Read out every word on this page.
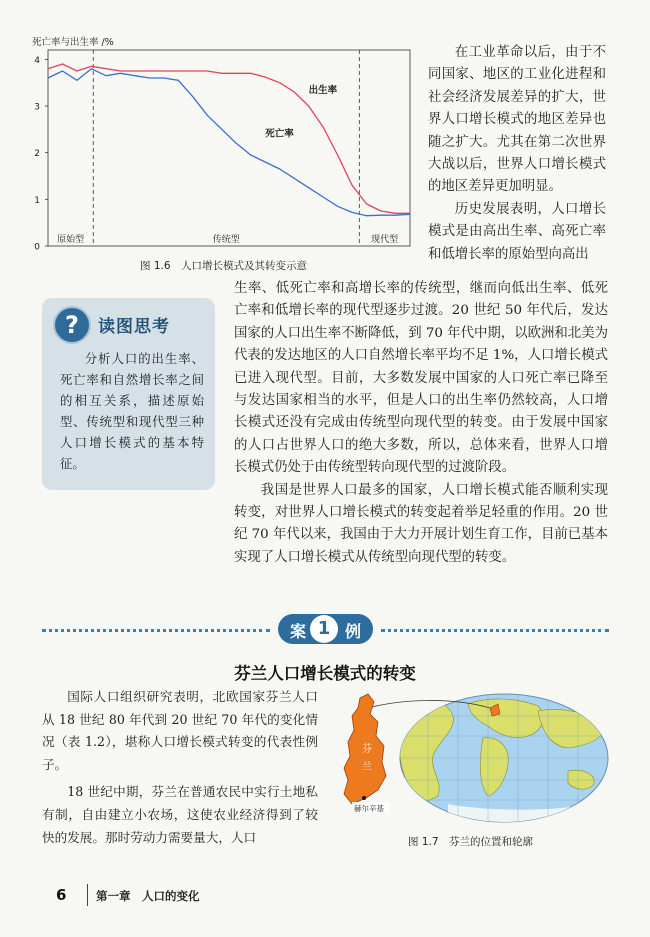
死亡率与出生率 /%
0
1
2
3
4
原始型	传统型	现代型
出生率
死亡率
图 1.6　人口增长模式及其转变示意

在工业革命以后，由于不同国家、地区的工业化进程和社会经济发展差异的扩大，世界人口增长模式的地区差异也随之扩大。尤其在第二次世界大战以后，世界人口增长模式的地区差异更加明显。

历史发展表明，人口增长模式是由高出生率、高死亡率和低增长率的原始型向高出

?	读图思考

分析人口的出生率、死亡率和自然增长率之间的相互关系，描述原始型、传统型和现代型三种人口增长模式的基本特征。

生率、低死亡率和高增长率的传统型，继而向低出生率、低死亡率和低增长率的现代型逐步过渡。20 世纪 50 年代后，发达国家的人口出生率不断降低，到 70 年代中期，以欧洲和北美为代表的发达地区的人口自然增长率平均不足 1%，人口增长模式已进入现代型。目前，大多数发展中国家的人口死亡率已降至与发达国家相当的水平，但是人口的出生率仍然较高，人口增长模式还没有完成由传统型向现代型的转变。由于发展中国家的人口占世界人口的绝大多数，所以，总体来看，世界人口增长模式仍处于由传统型转向现代型的过渡阶段。

我国是世界人口最多的国家，人口增长模式能否顺利实现转变，对世界人口增长模式的转变起着举足轻重的作用。20 世纪 70 年代以来，我国由于大力开展计划生育工作，目前已基本实现了人口增长模式从传统型向现代型的转变。

案 1 例
芬兰人口增长模式的转变

国际人口组织研究表明，北欧国家芬兰人口从 18 世纪 80 年代到 20 世纪 70 年代的变化情况（表 1.2），堪称人口增长模式转变的代表性例子。

18 世纪中期，芬兰在普通农民中实行土地私有制，自由建立小农场，这使农业经济得到了较快的发展。那时劳动力需要量大，人口

芬
兰
赫尔辛基
图 1.7　芬兰的位置和轮廓
6	第一章　人口的变化
